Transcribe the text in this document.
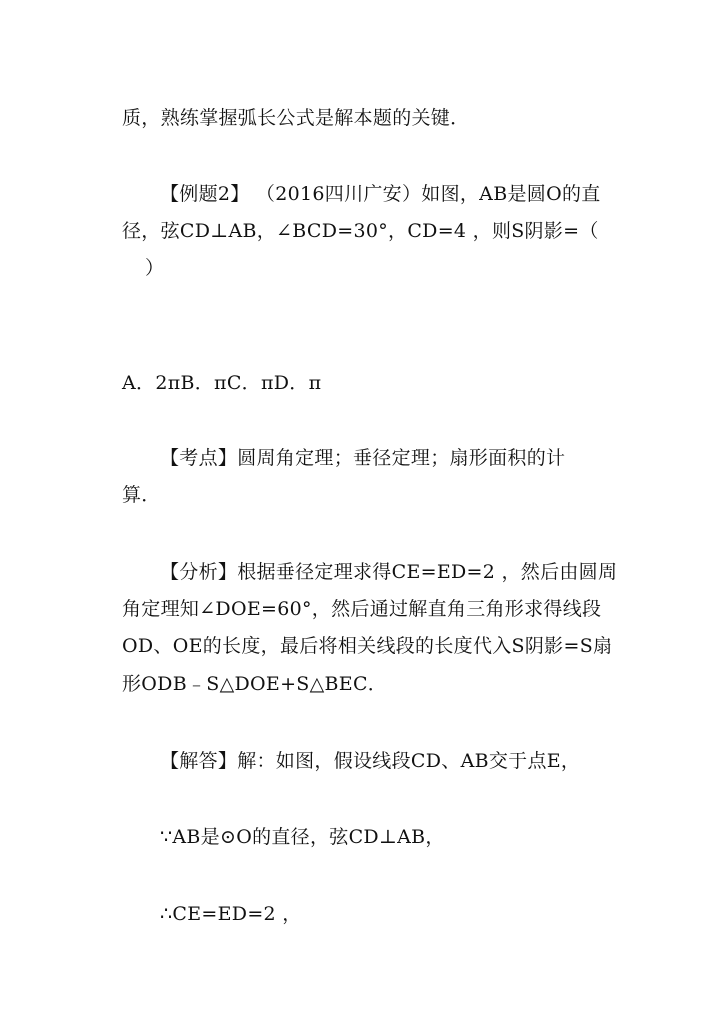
质，熟练掌握弧长公式是解本题的关键．
【例题2】 （2016四川广安）如图，AB是圆O的直
径，弦CD⊥AB，∠BCD=30°，CD=4 ，则S阴影=（
）
A．2πB．πC．πD．π
【考点】圆周角定理；垂径定理；扇形面积的计
算．
【分析】根据垂径定理求得CE=ED=2 ，然后由圆周
角定理知∠DOE=60°，然后通过解直角三角形求得线段
OD、OE的长度，最后将相关线段的长度代入S阴影=S扇
形ODB﹣S△DOE+S△BEC．
【解答】解：如图，假设线段CD、AB交于点E，
∵AB是⊙O的直径，弦CD⊥AB，
∴CE=ED=2 ，
